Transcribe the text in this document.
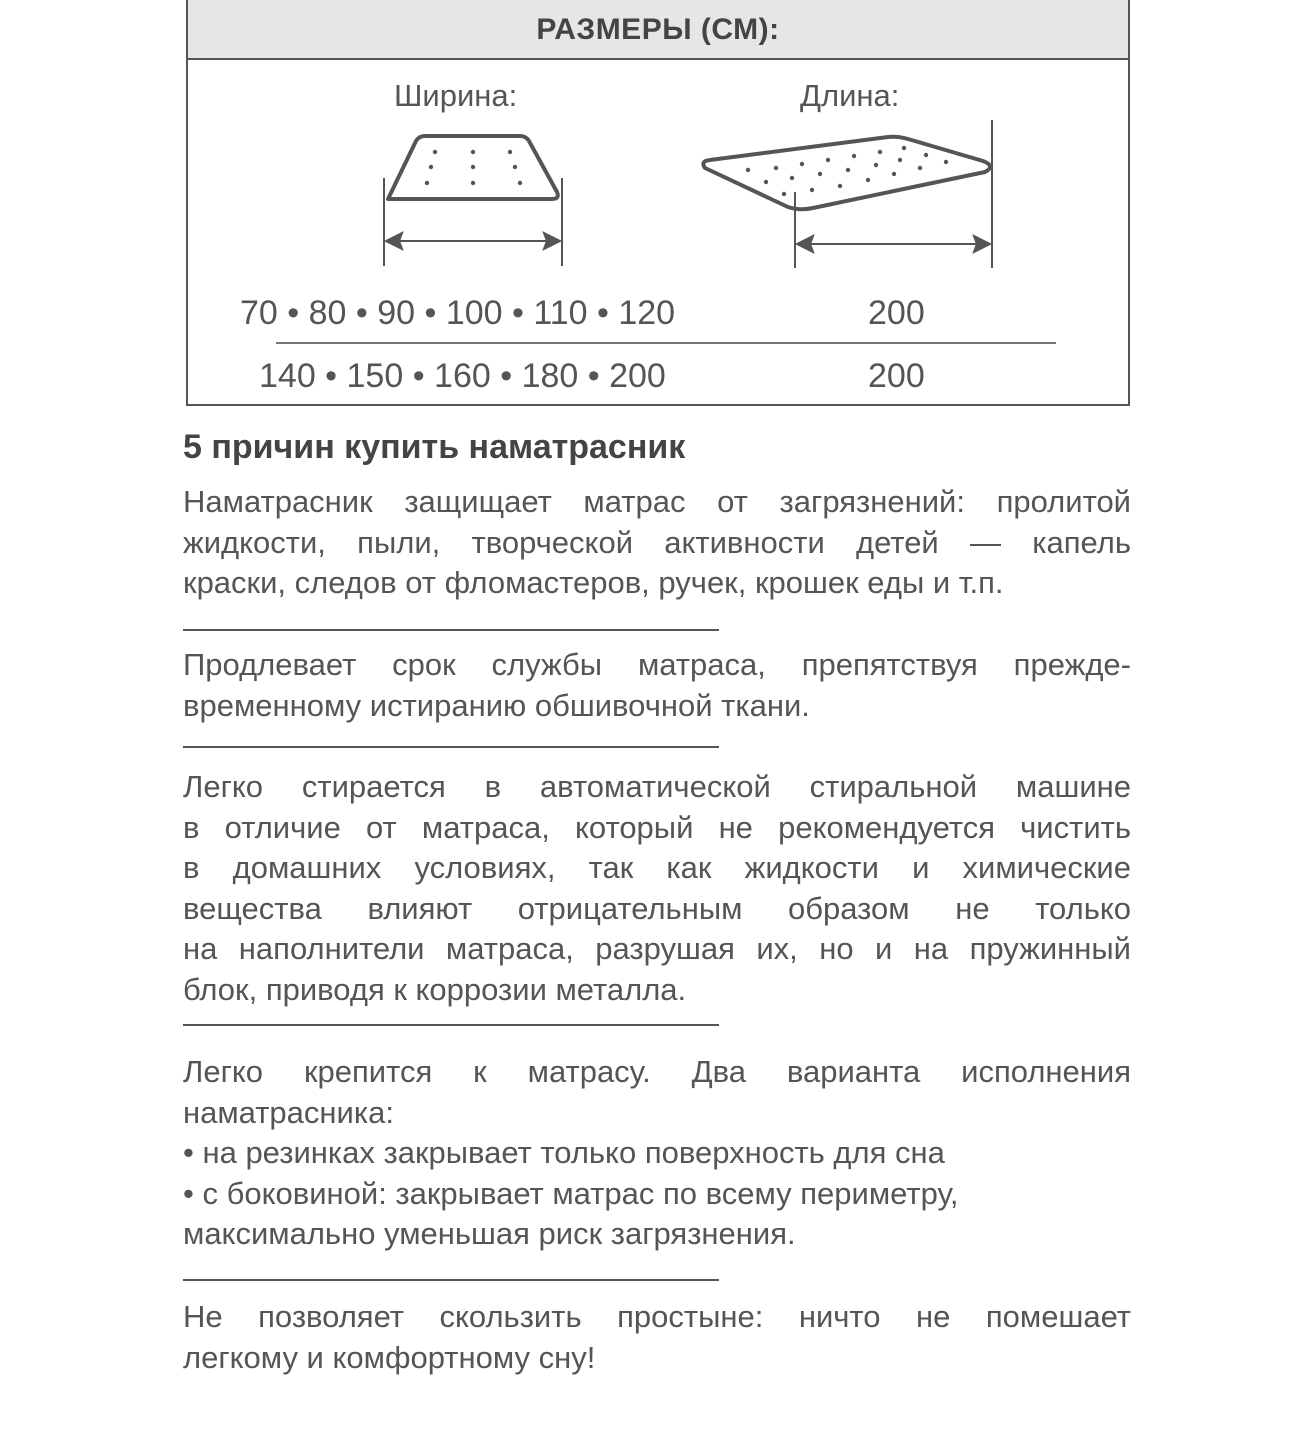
РАЗМЕРЫ (СМ):
Ширина:	Длина:
70 • 80 • 90 • 100 • 110 • 120	200
140 • 150 • 160 • 180 • 200	200
5 причин купить наматрасник
Наматрасник защищает матрас от загрязнений: пролитой
жидкости, пыли, творческой активности детей — капель
краски, следов от фломастеров, ручек, крошек еды и т.п.
Продлевает срок службы матраса, препятствуя прежде-
временному истиранию обшивочной ткани.
Легко стирается в автоматической стиральной машине
в отличие от матраса, который не рекомендуется чистить
в домашних условиях, так как жидкости и химические
вещества влияют отрицательным образом не только
на наполнители матраса, разрушая их, но и на пружинный
блок, приводя к коррозии металла.
Легко крепится к матрасу. Два варианта исполнения
наматрасника:
• на резинках закрывает только поверхность для сна
• с боковиной: закрывает матрас по всему периметру,
максимально уменьшая риск загрязнения.
Не позволяет скользить простыне: ничто не помешает
легкому и комфортному сну!
